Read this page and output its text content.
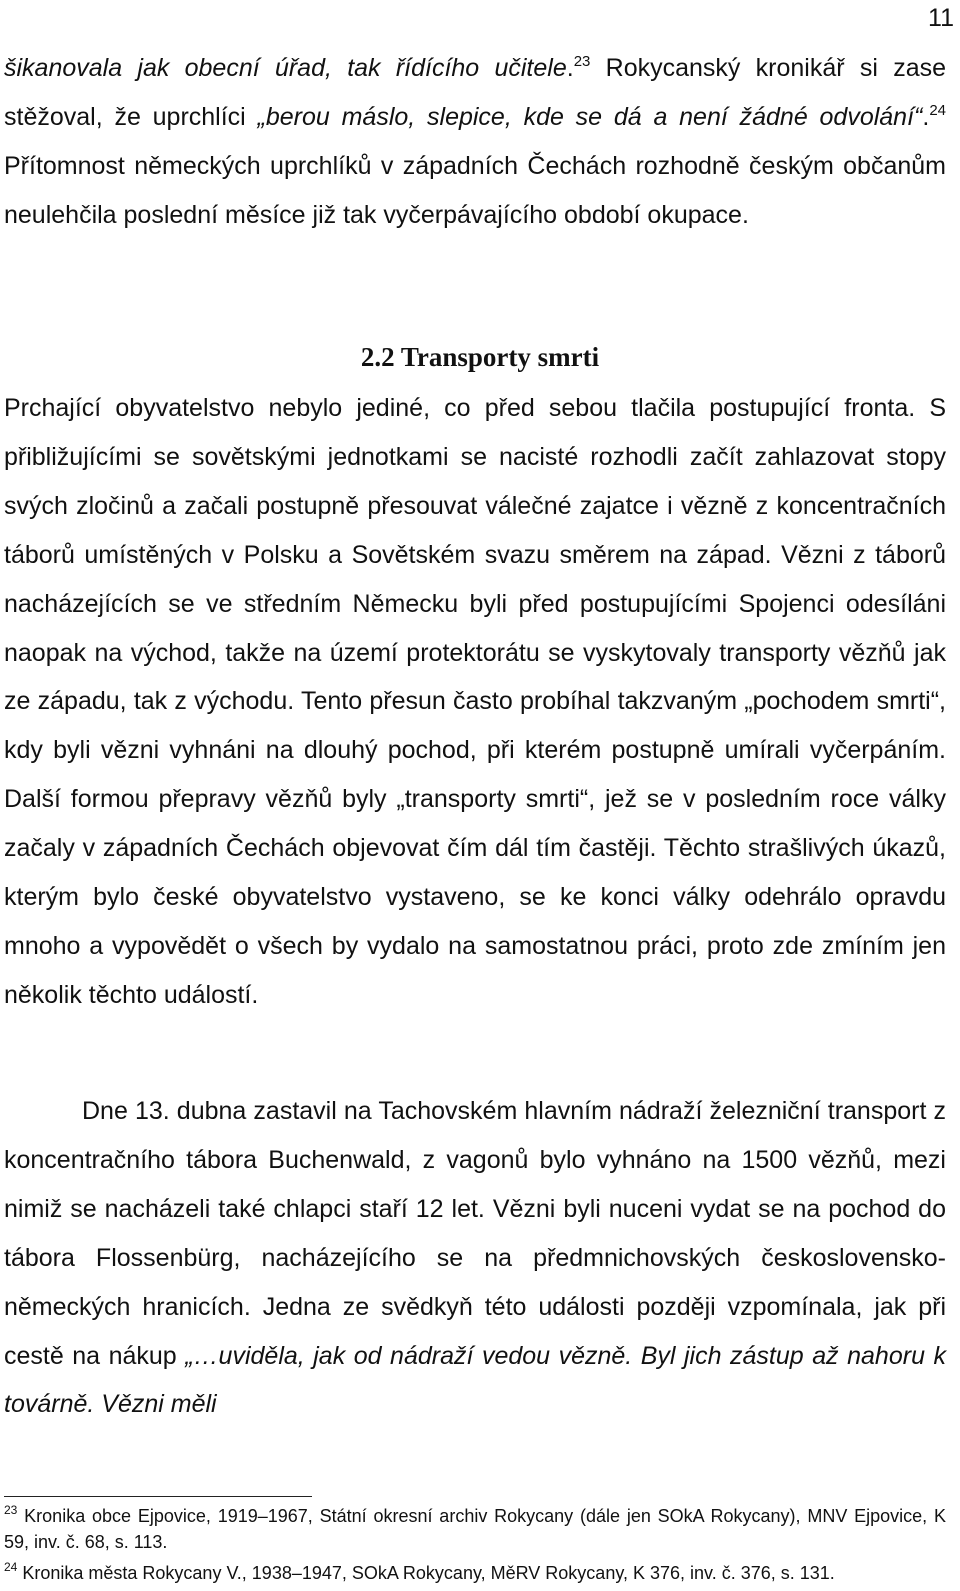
11

šikanovala jak obecní úřad, tak řídícího učitele.$^{23}$ Rokycanský kronikář si zase stěžoval, že uprchlíci „berou máslo, slepice, kde se dá a není žádné odvolání“.$^{24}$ Přítomnost německých uprchlíků v západních Čechách rozhodně českým občanům neulehčila poslední měsíce již tak vyčerpávajícího období okupace.

2.2 Transporty smrti

Prchající obyvatelstvo nebylo jediné, co před sebou tlačila postupující fronta. S přibližujícími se sovětskými jednotkami se nacisté rozhodli začít zahlazovat stopy svých zločinů a začali postupně přesouvat válečné zajatce i vězně z koncentračních táborů umístěných v Polsku a Sovětském svazu směrem na západ. Vězni z táborů nacházejících se ve středním Německu byli před postupujícími Spojenci odesíláni naopak na východ, takže na území protektorátu se vyskytovaly transporty vězňů jak ze západu, tak z východu. Tento přesun často probíhal takzvaným „pochodem smrti“, kdy byli vězni vyhnáni na dlouhý pochod, při kterém postupně umírali vyčerpáním. Další formou přepravy vězňů byly „transporty smrti“, jež se v posledním roce války začaly v západních Čechách objevovat čím dál tím častěji. Těchto strašlivých úkazů, kterým bylo české obyvatelstvo vystaveno, se ke konci války odehrálo opravdu mnoho a vypovědět o všech by vydalo na samostatnou práci, proto zde zmíním jen několik těchto událostí.

Dne 13. dubna zastavil na Tachovském hlavním nádraží železniční transport z koncentračního tábora Buchenwald, z vagonů bylo vyhnáno na 1500 vězňů, mezi nimiž se nacházeli také chlapci staří 12 let. Vězni byli nuceni vydat se na pochod do tábora Flossenbürg, nacházejícího se na předmnichovských československo-německých hranicích. Jedna ze svědkyň této události později vzpomínala, jak při cestě na nákup „…uviděla, jak od nádraží vedou vězně. Byl jich zástup až nahoru k továrně. Vězni měli

$^{23}$ Kronika obce Ejpovice, 1919–1967, Státní okresní archiv Rokycany (dále jen SOkA Rokycany), MNV Ejpovice, K 59, inv. č. 68, s. 113.

$^{24}$ Kronika města Rokycany V., 1938–1947, SOkA Rokycany, MěRV Rokycany, K 376, inv. č. 376, s. 131.
